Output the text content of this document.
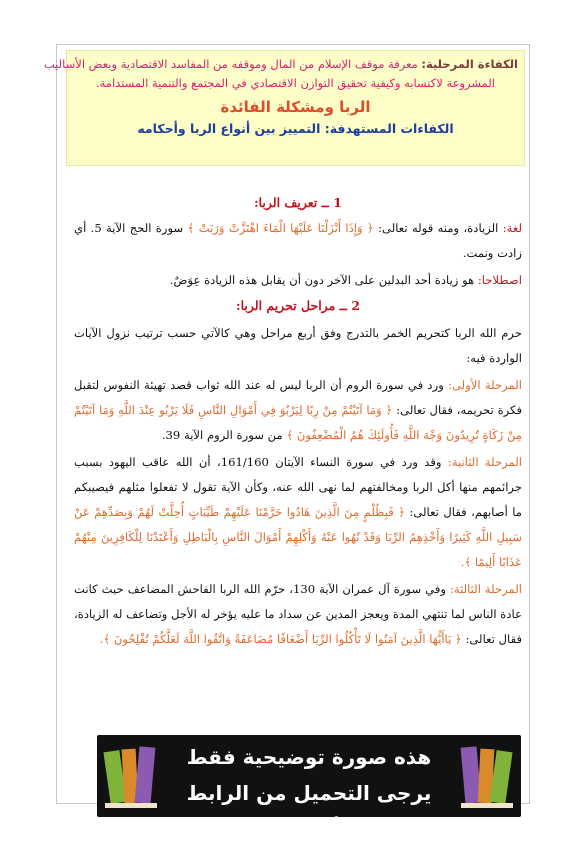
الكفاءة المرحلية: معرفة موقف الإسلام من المال وموقفه من المفاسد الاقتصادية وبعض الأساليب
المشروعة لاكتسابه وكيفية تحقيق التوازن الاقتصادي في المجتمع والتنمية المستدامة.
الربا ومشكلة الفائدة
الكفاءات المستهدفة: التمييز بين أنواع الربا وأحكامه
1 ــ تعريف الربا:

لغة: الزيادة، ومنه قوله تعالى: ﴿ وَإِذَا أَنْزَلْنَا عَلَيْهَا الْمَاءَ اهْتَزَّتْ وَرَبَتْ ﴾ سورة الحج الآية 5. أي زادت ونمت.

اصطلاحا: هو زيادة أحد البدلين على الآخر دون أن يقابل هذه الزيادة عِوَضٌ.

2 ــ مراحل تحريم الربا:

حرم الله الربا كتحريم الخمر بالتدرج وفق أربع مراحل وهي كالآتي حسب ترتيب نزول الآيات الواردة فيه:

المرحلة الأولى: ورد في سورة الروم أن الربا ليس له عند الله ثواب قصد تهيئة النفوس لتقبل فكرة تحريمه، فقال تعالى: ﴿ وَمَا آتَيْتُمْ مِنْ رِبًا لِيَرْبُوَ فِي أَمْوَالِ النَّاسِ فَلَا يَرْبُو عِنْدَ اللَّهِ وَمَا آتَيْتُمْ مِنْ زَكَاةٍ تُرِيدُونَ وَجْهَ اللَّهِ فَأُولَئِكَ هُمُ الْمُضْعِفُونَ ﴾ من سورة الروم الآية 39.

المرحلة الثانية: وقد ورد في سورة النساء الآيتان 161/160، أن الله عاقب اليهود بسبب جرائمهم منها أكل الربا ومخالفتهم لما نهى الله عنه، وكأن الآية تقول لا تفعلوا مثلهم فيصيبكم ما أصابهم، فقال تعالى: ﴿ فَبِظُلْمٍ مِنَ الَّذِينَ هَادُوا حَرَّمْنَا عَلَيْهِمْ طَيِّبَاتٍ أُحِلَّتْ لَهُمْ وَبِصَدِّهِمْ عَنْ سَبِيلِ اللَّهِ كَثِيرًا وَأَخْذِهِمُ الرِّبَا وَقَدْ نُهُوا عَنْهُ وَأَكْلِهِمْ أَمْوَالَ النَّاسِ بِالْبَاطِلِ وَأَعْتَدْنَا لِلْكَافِرِينَ مِنْهُمْ عَذَابًا أَلِيمًا ﴾.

المرحلة الثالثة: وفي سورة آل عمران الآية 130، حرّم الله الربا الفاحش المضاعف حيث كانت عادة الناس لما تنتهي المدة ويعجز المدين عن سداد ما عليه يؤخر له الأجل وتضاعف له الزيادة، فقال تعالى: ﴿ يَاأَيُّهَا الَّذِينَ آمَنُوا لَا تَأْكُلُوا الرِّبَا أَضْعَافًا مُضَاعَفَةً وَاتَّقُوا اللَّهَ لَعَلَّكُمْ تُفْلِحُونَ ﴾.

هذه صورة توضيحية فقط
يرجى التحميل من الرابط أسفله
